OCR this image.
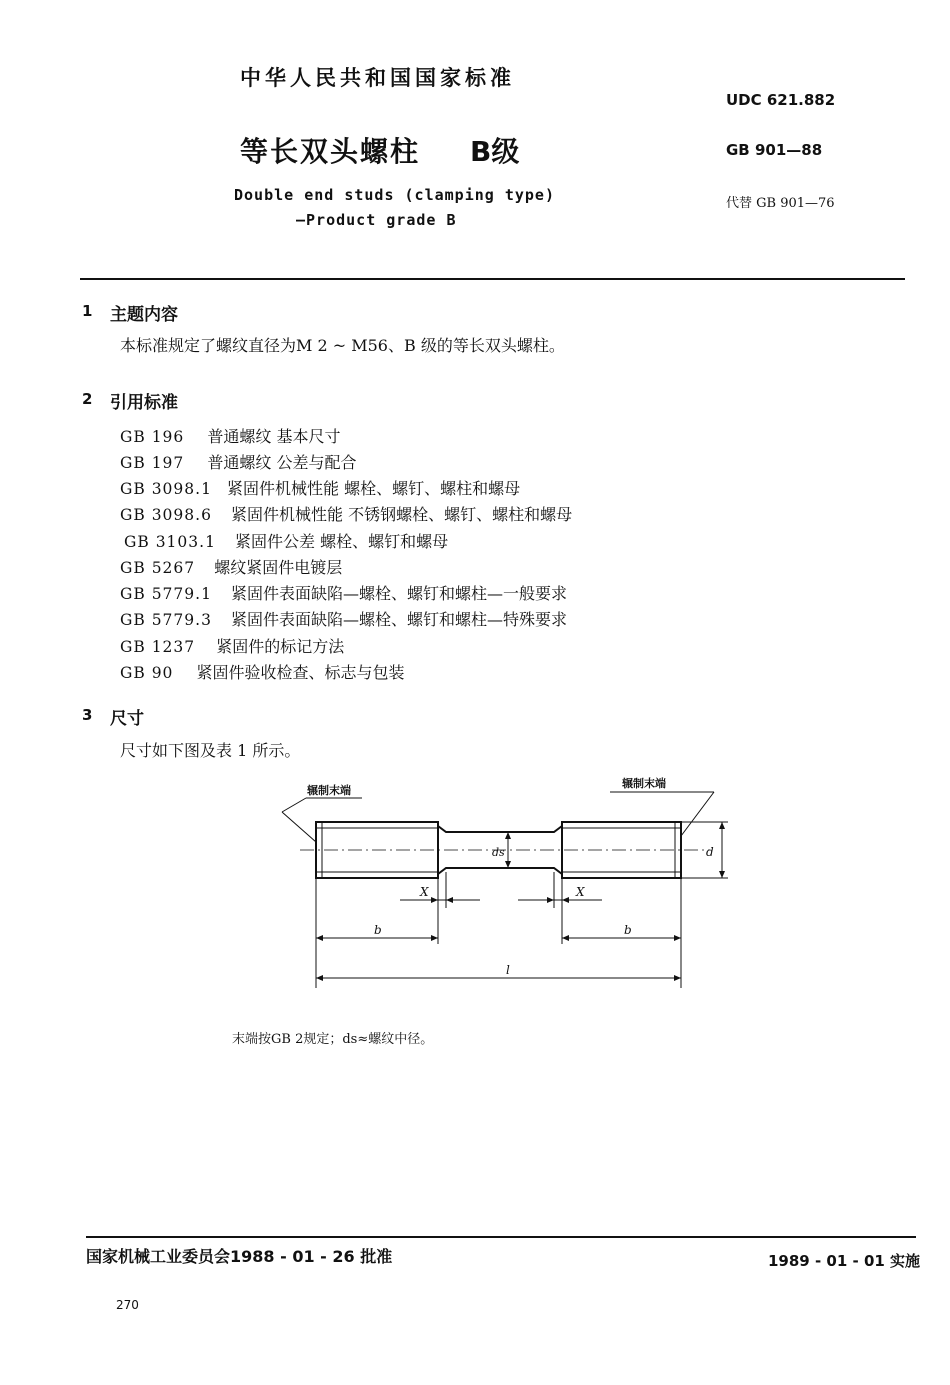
中华人民共和国国家标准
UDC 621.882
等长双头螺柱 B级	GB 901—88
Double end studs (clamping type)
—Product grade B
代替 GB 901—76
1 主题内容
本标准规定了螺纹直径为M 2 ~ M56、B 级的等长双头螺柱。
2 引用标准
GB 196 普通螺纹 基本尺寸
GB 197 普通螺纹 公差与配合
GB 3098.1 紧固件机械性能 螺栓、螺钉、螺柱和螺母
GB 3098.6 紧固件机械性能 不锈钢螺栓、螺钉、螺柱和螺母
GB 3103.1 紧固件公差 螺栓、螺钉和螺母
GB 5267 螺纹紧固件电镀层
GB 5779.1 紧固件表面缺陷—螺栓、螺钉和螺柱—一般要求
GB 5779.3 紧固件表面缺陷—螺栓、螺钉和螺柱—特殊要求
GB 1237 紧固件的标记方法
GB 90 紧固件验收检查、标志与包装
3 尺寸
尺寸如下图及表 1 所示。
辗制末端
辗制末端
ds	d
X	X
b	b
l
末端按GB 2规定；ds≈螺纹中径。
国家机械工业委员会1988 - 01 - 26 批准	1989 - 01 - 01 实施
270
